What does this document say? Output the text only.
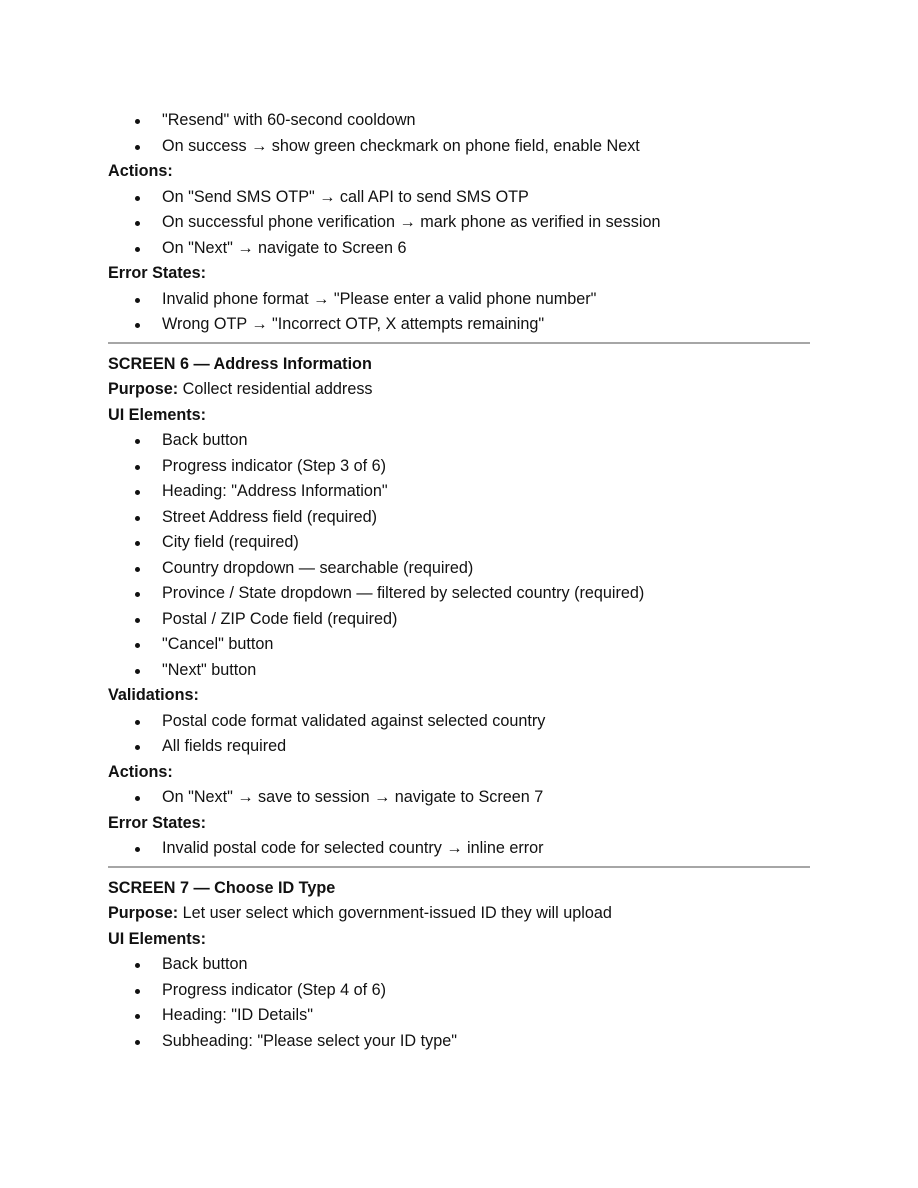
"Resend" with 60-second cooldown
On success → show green checkmark on phone field, enable Next
Actions:
On "Send SMS OTP" → call API to send SMS OTP
On successful phone verification → mark phone as verified in session
On "Next" → navigate to Screen 6
Error States:
Invalid phone format → "Please enter a valid phone number"
Wrong OTP → "Incorrect OTP, X attempts remaining"
SCREEN 6 — Address Information
Purpose: Collect residential address
UI Elements:
Back button
Progress indicator (Step 3 of 6)
Heading: "Address Information"
Street Address field (required)
City field (required)
Country dropdown — searchable (required)
Province / State dropdown — filtered by selected country (required)
Postal / ZIP Code field (required)
"Cancel" button
"Next" button
Validations:
Postal code format validated against selected country
All fields required
Actions:
On "Next" → save to session → navigate to Screen 7
Error States:
Invalid postal code for selected country → inline error
SCREEN 7 — Choose ID Type
Purpose: Let user select which government-issued ID they will upload
UI Elements:
Back button
Progress indicator (Step 4 of 6)
Heading: "ID Details"
Subheading: "Please select your ID type"
